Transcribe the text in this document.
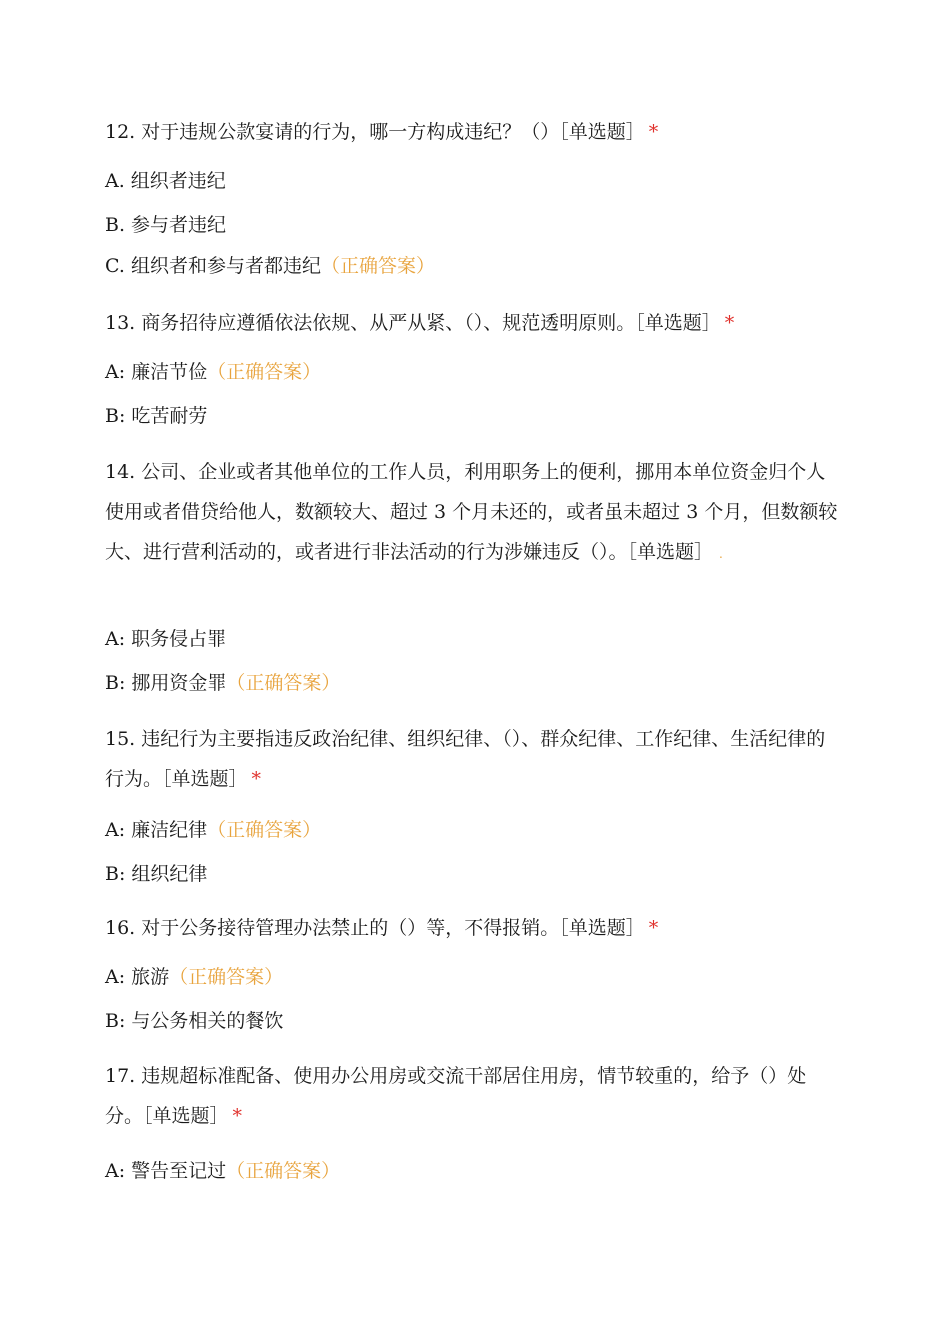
12. 对于违规公款宴请的行为，哪一方构成违纪？（）［单选题］ *
A. 组织者违纪
B. 参与者违纪
C. 组织者和参与者都违纪（正确答案）
13. 商务招待应遵循依法依规、从严从紧、（）、规范透明原则。［单选题］ *
A: 廉洁节俭（正确答案）
B: 吃苦耐劳
14. 公司、企业或者其他单位的工作人员，利用职务上的便利，挪用本单位资金归个人使用或者借贷给他人，数额较大、超过 3 个月未还的，或者虽未超过 3 个月，但数额较大、进行营利活动的，或者进行非法活动的行为涉嫌违反（）。［单选题］ .
A: 职务侵占罪
B: 挪用资金罪（正确答案）
15. 违纪行为主要指违反政治纪律、组织纪律、（）、群众纪律、工作纪律、生活纪律的行为。［单选题］ *
A: 廉洁纪律（正确答案）
B: 组织纪律
16. 对于公务接待管理办法禁止的（）等，不得报销。［单选题］ *
A: 旅游（正确答案）
B: 与公务相关的餐饮
17. 违规超标准配备、使用办公用房或交流干部居住用房，情节较重的，给予（）处分。［单选题］ *
A: 警告至记过（正确答案）
